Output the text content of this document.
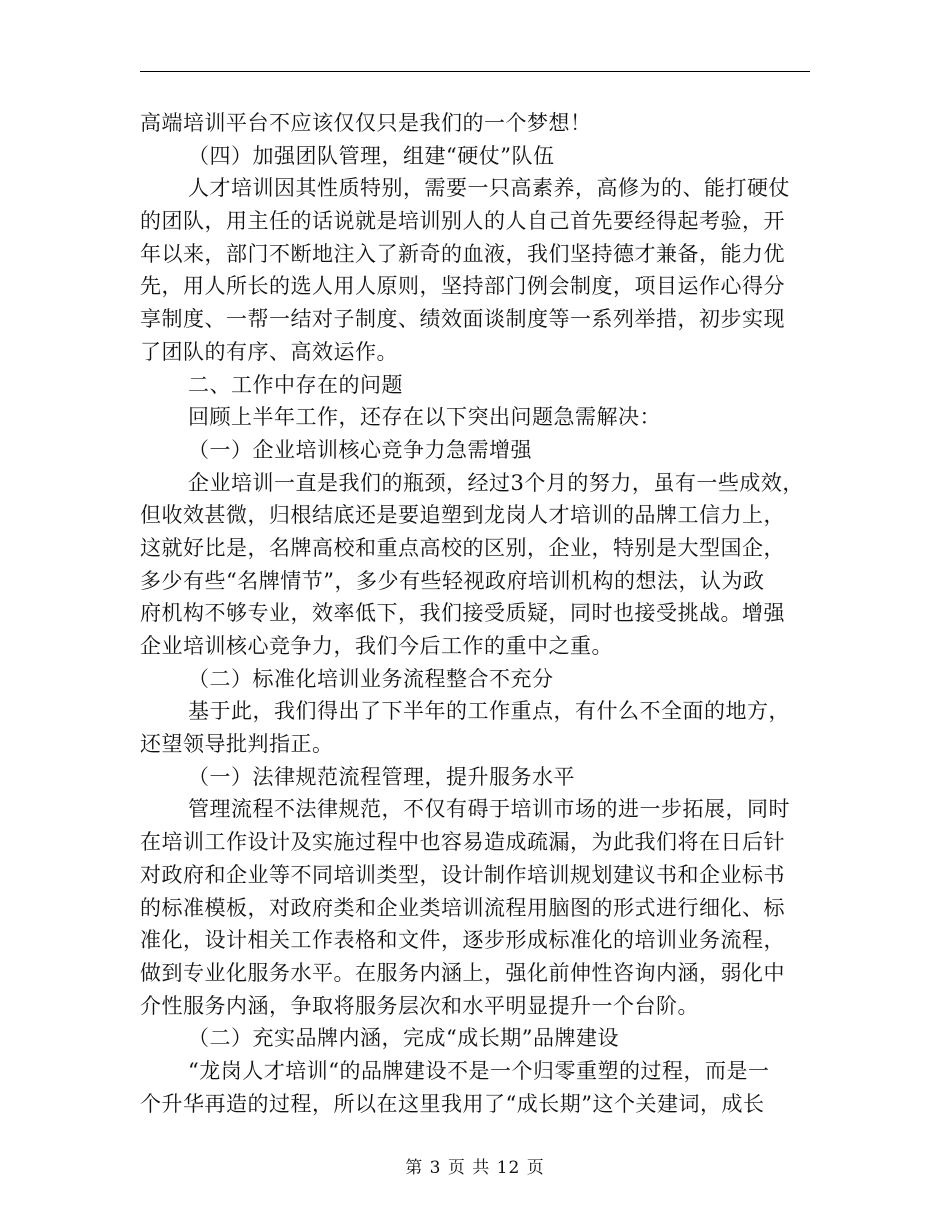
高端培训平台不应该仅仅只是我们的一个梦想！
（四）加强团队管理，组建“硬仗”队伍
人才培训因其性质特别，需要一只高素养，高修为的、能打硬仗
的团队，用主任的话说就是培训别人的人自己首先要经得起考验，开
年以来，部门不断地注入了新奇的血液，我们坚持德才兼备，能力优
先，用人所长的选人用人原则，坚持部门例会制度，项目运作心得分
享制度、一帮一结对子制度、绩效面谈制度等一系列举措，初步实现
了团队的有序、高效运作。
二、工作中存在的问题
回顾上半年工作，还存在以下突出问题急需解决：
（一）企业培训核心竞争力急需增强
企业培训一直是我们的瓶颈，经过3个月的努力，虽有一些成效，
但收效甚微，归根结底还是要追塑到龙岗人才培训的品牌工信力上，
这就好比是，名牌高校和重点高校的区别，企业，特别是大型国企，
多少有些“名牌情节”，多少有些轻视政府培训机构的想法，认为政
府机构不够专业，效率低下，我们接受质疑，同时也接受挑战。增强
企业培训核心竞争力，我们今后工作的重中之重。
（二）标准化培训业务流程整合不充分
基于此，我们得出了下半年的工作重点，有什么不全面的地方，
还望领导批判指正。
（一）法律规范流程管理，提升服务水平
管理流程不法律规范，不仅有碍于培训市场的进一步拓展，同时
在培训工作设计及实施过程中也容易造成疏漏，为此我们将在日后针
对政府和企业等不同培训类型，设计制作培训规划建议书和企业标书
的标准模板，对政府类和企业类培训流程用脑图的形式进行细化、标
准化，设计相关工作表格和文件，逐步形成标准化的培训业务流程，
做到专业化服务水平。在服务内涵上，强化前伸性咨询内涵，弱化中
介性服务内涵，争取将服务层次和水平明显提升一个台阶。
（二）充实品牌内涵，完成“成长期”品牌建设
“龙岗人才培训“的品牌建设不是一个归零重塑的过程，而是一
个升华再造的过程，所以在这里我用了“成长期”这个关建词，成长
第 3 页 共 12 页
